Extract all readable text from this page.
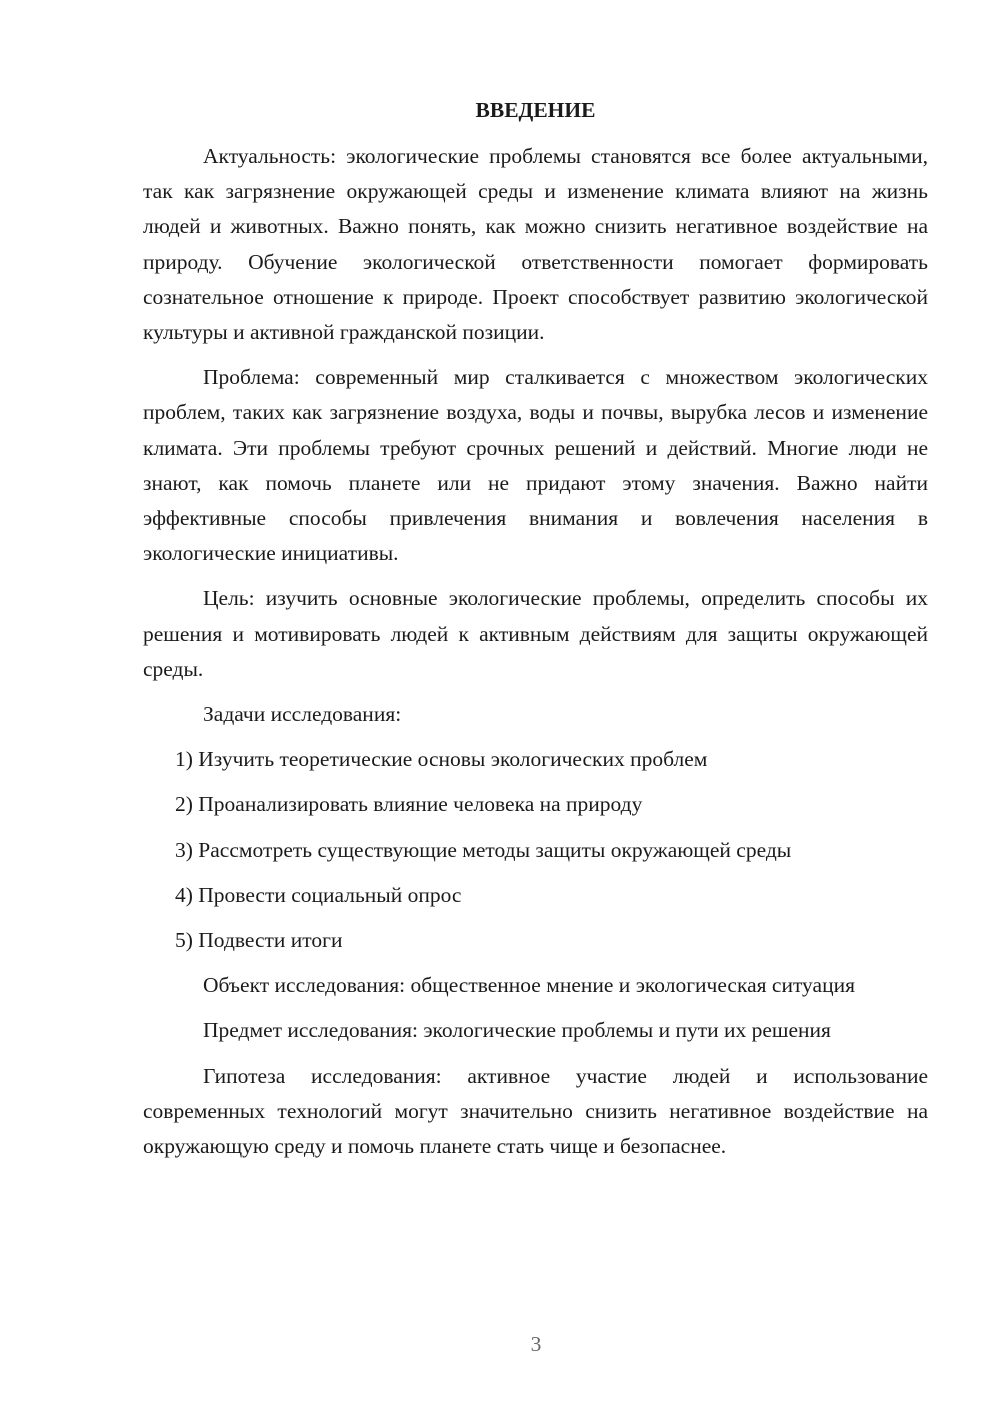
ВВЕДЕНИЕ

Актуальность: экологические проблемы становятся все более актуальными, так как загрязнение окружающей среды и изменение климата влияют на жизнь людей и животных. Важно понять, как можно снизить негативное воздействие на природу. Обучение экологической ответственности помогает формировать сознательное отношение к природе. Проект способствует развитию экологической культуры и активной гражданской позиции.

Проблема: современный мир сталкивается с множеством экологических проблем, таких как загрязнение воздуха, воды и почвы, вырубка лесов и изменение климата. Эти проблемы требуют срочных решений и действий. Многие люди не знают, как помочь планете или не придают этому значения. Важно найти эффективные способы привлечения внимания и вовлечения населения в экологические инициативы.

Цель: изучить основные экологические проблемы, определить способы их решения и мотивировать людей к активным действиям для защиты окружающей среды.

Задачи исследования:

1) Изучить теоретические основы экологических проблем

2) Проанализировать влияние человека на природу

3) Рассмотреть существующие методы защиты окружающей среды

4) Провести социальный опрос

5) Подвести итоги

Объект исследования: общественное мнение и экологическая ситуация

Предмет исследования: экологические проблемы и пути их решения

Гипотеза исследования: активное участие людей и использование современных технологий могут значительно снизить негативное воздействие на окружающую среду и помочь планете стать чище и безопаснее.

3
